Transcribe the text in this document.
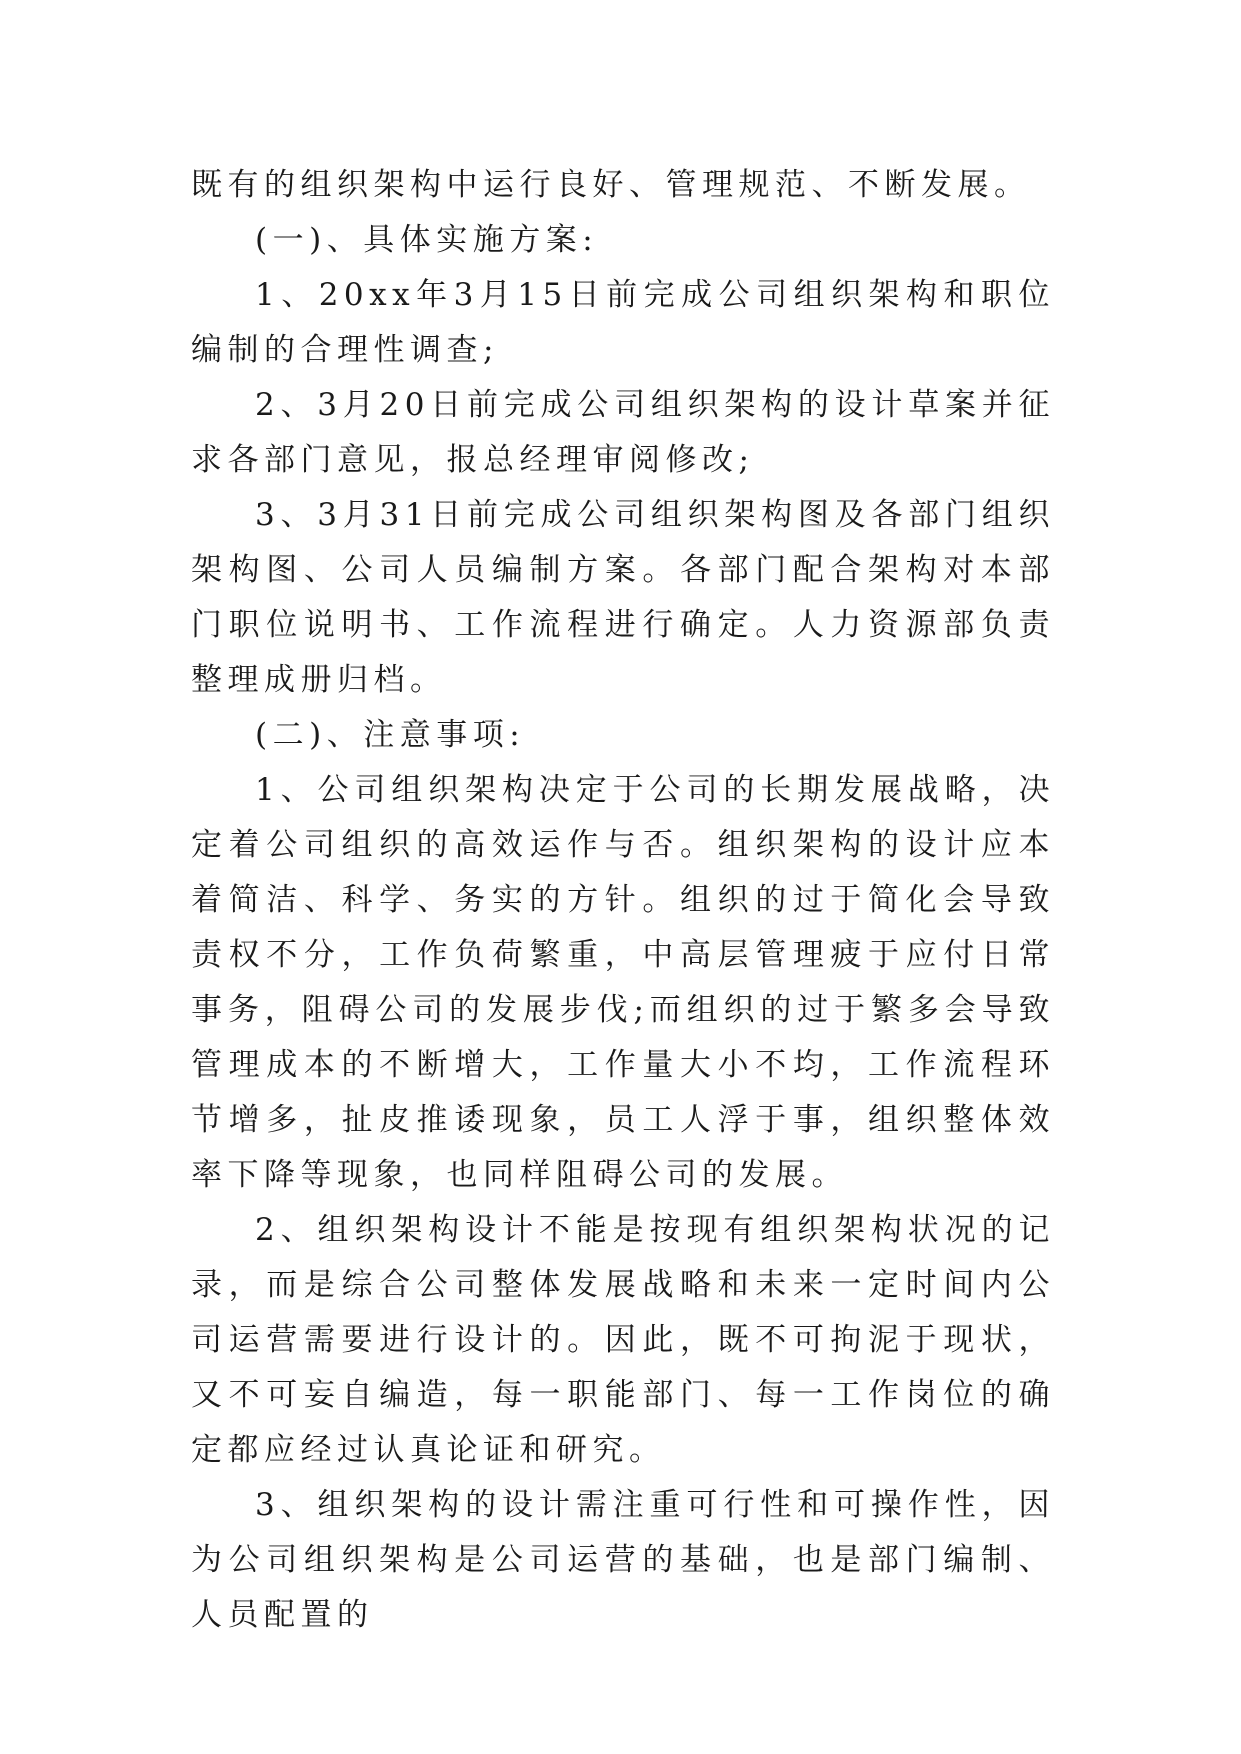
既有的组织架构中运行良好、管理规范、不断发展。

(一)、具体实施方案:

1、20xx年3月15日前完成公司组织架构和职位编制的合理性调查;

2、3月20日前完成公司组织架构的设计草案并征求各部门意见，报总经理审阅修改;

3、3月31日前完成公司组织架构图及各部门组织架构图、公司人员编制方案。各部门配合架构对本部门职位说明书、工作流程进行确定。人力资源部负责整理成册归档。

(二)、注意事项:

1、公司组织架构决定于公司的长期发展战略，决定着公司组织的高效运作与否。组织架构的设计应本着简洁、科学、务实的方针。组织的过于简化会导致责权不分，工作负荷繁重，中高层管理疲于应付日常事务，阻碍公司的发展步伐;而组织的过于繁多会导致管理成本的不断增大，工作量大小不均，工作流程环节增多，扯皮推诿现象，员工人浮于事，组织整体效率下降等现象，也同样阻碍公司的发展。

2、组织架构设计不能是按现有组织架构状况的记录，而是综合公司整体发展战略和未来一定时间内公司运营需要进行设计的。因此，既不可拘泥于现状，又不可妄自编造，每一职能部门、每一工作岗位的确定都应经过认真论证和研究。

3、组织架构的设计需注重可行性和可操作性，因为公司组织架构是公司运营的基础，也是部门编制、人员配置的
